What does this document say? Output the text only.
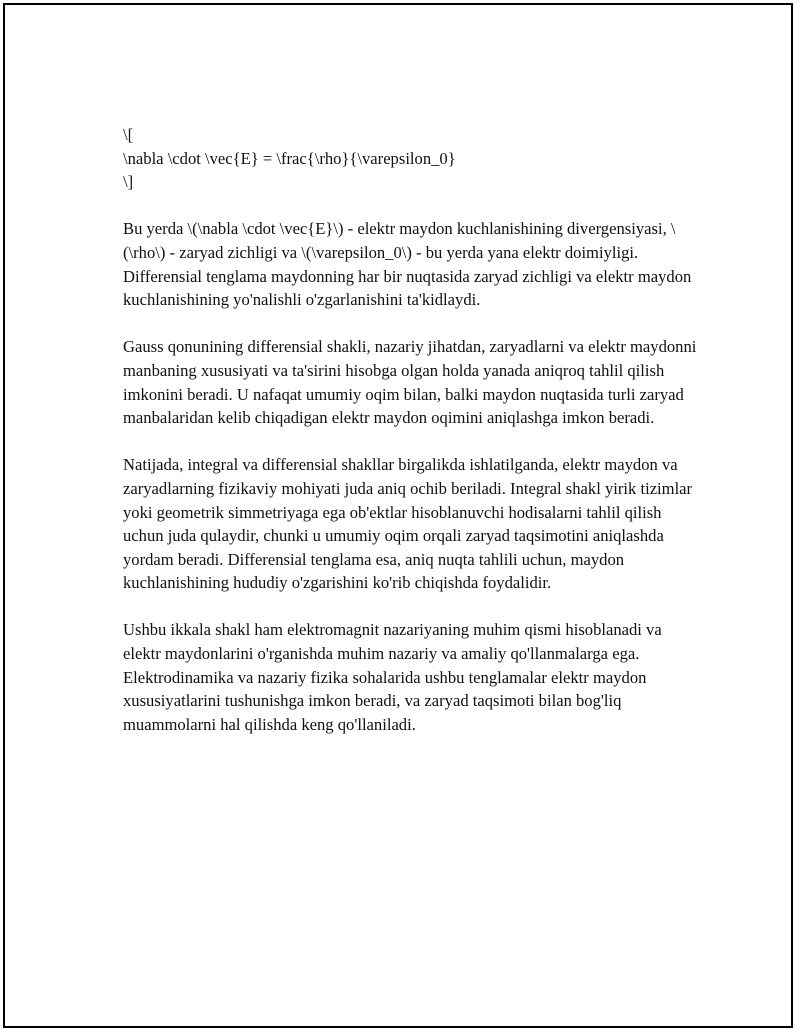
\[
\nabla \cdot \vec{E} = \frac{\rho}{\varepsilon_0}
\]

Bu yerda \(\nabla \cdot \vec{E}\) - elektr maydon kuchlanishining divergensiyasi, \(\rho\) - zaryad zichligi va \(\varepsilon_0\) - bu yerda yana elektr doimiyligi. Differensial tenglama maydonning har bir nuqtasida zaryad zichligi va elektr maydon kuchlanishining yo'nalishli o'zgarlanishini ta'kidlaydi.

Gauss qonunining differensial shakli, nazariy jihatdan, zaryadlarni va elektr maydonni manbaning xususiyati va ta'sirini hisobga olgan holda yanada aniqroq tahlil qilish imkonini beradi. U nafaqat umumiy oqim bilan, balki maydon nuqtasida turli zaryad manbalaridan kelib chiqadigan elektr maydon oqimini aniqlashga imkon beradi.

Natijada, integral va differensial shakllar birgalikda ishlatilganda, elektr maydon va zaryadlarning fizikaviy mohiyati juda aniq ochib beriladi. Integral shakl yirik tizimlar yoki geometrik simmetriyaga ega ob'ektlar hisoblanuvchi hodisalarni tahlil qilish uchun juda qulaydir, chunki u umumiy oqim orqali zaryad taqsimotini aniqlashda yordam beradi. Differensial tenglama esa, aniq nuqta tahlili uchun, maydon kuchlanishining hududiy o'zgarishini ko'rib chiqishda foydalidir.

Ushbu ikkala shakl ham elektromagnit nazariyaning muhim qismi hisoblanadi va elektr maydonlarini o'rganishda muhim nazariy va amaliy qo'llanmalarga ega. Elektrodinamika va nazariy fizika sohalarida ushbu tenglamalar elektr maydon xususiyatlarini tushunishga imkon beradi, va zaryad taqsimoti bilan bog'liq muammolarni hal qilishda keng qo'llaniladi.
